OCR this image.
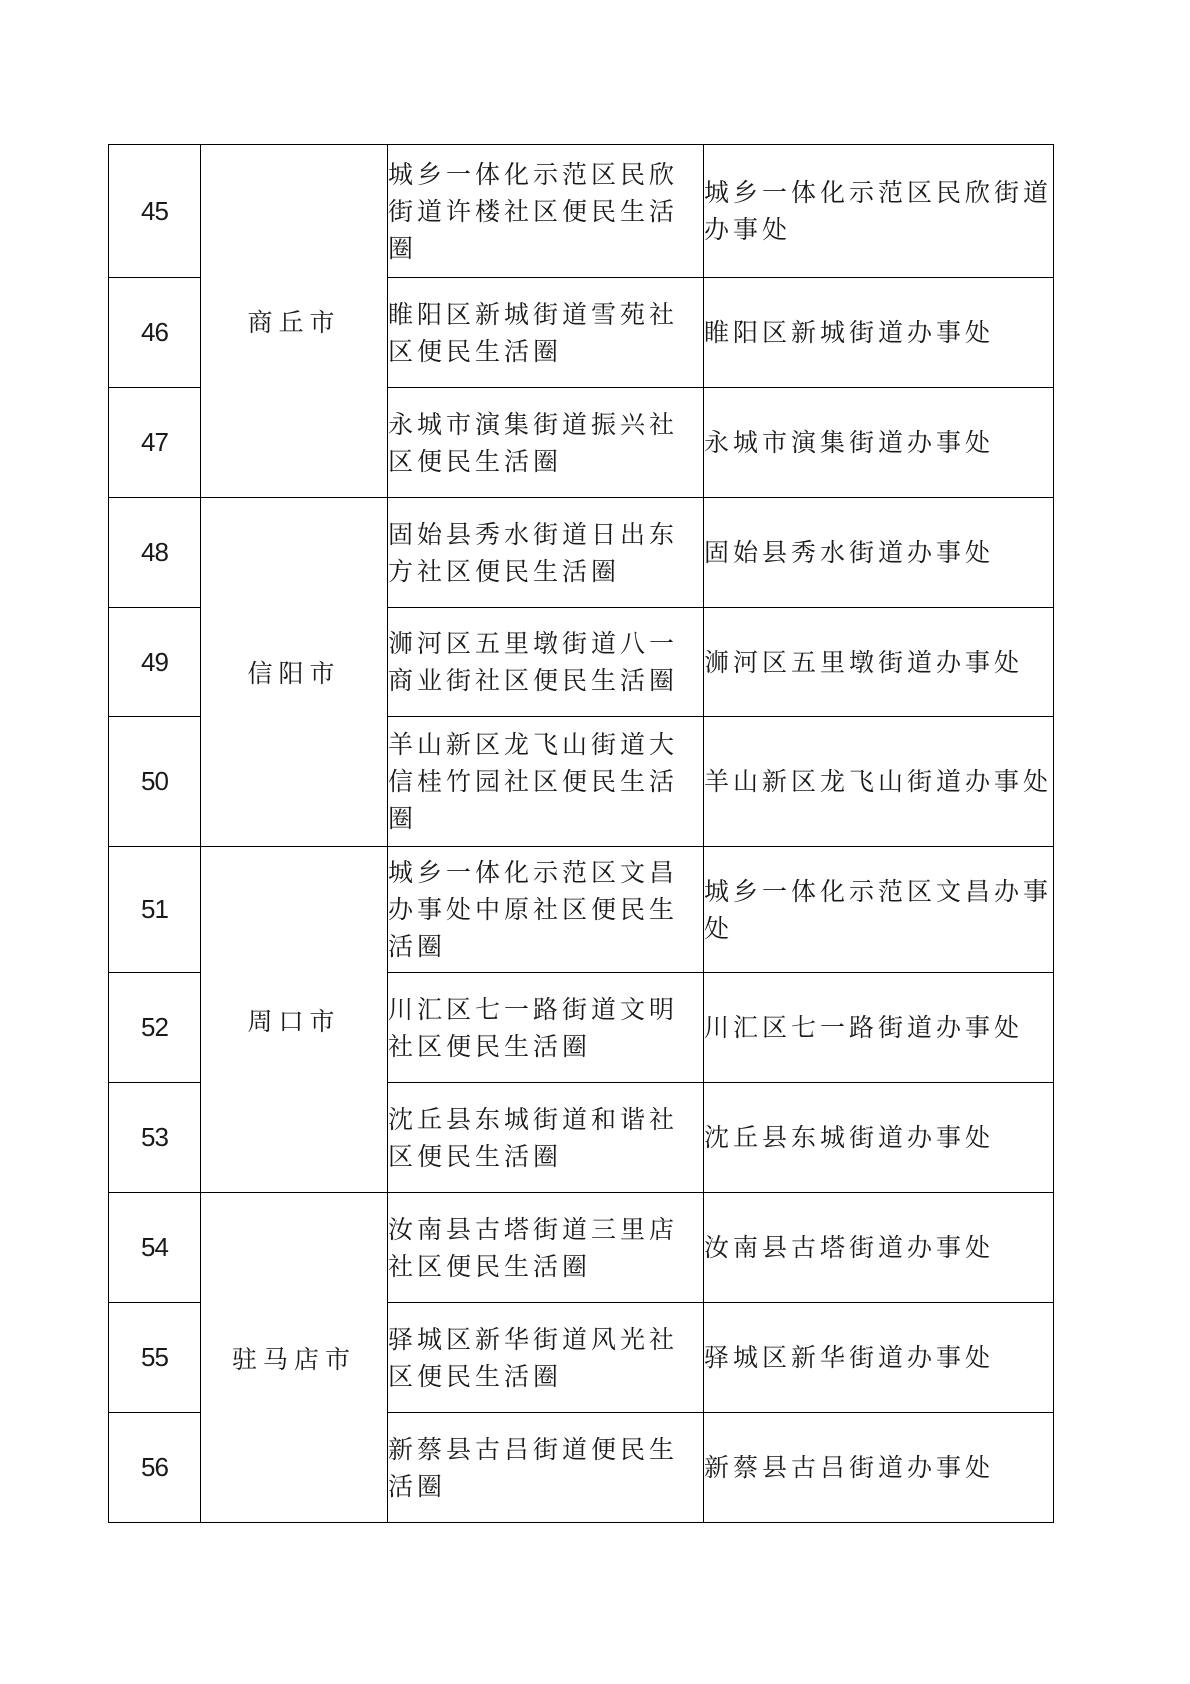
45	商丘市	城乡一体化示范区民欣街道许楼社区便民生活圈	城乡一体化示范区民欣街道办事处
46		睢阳区新城街道雪苑社区便民生活圈	睢阳区新城街道办事处
47		永城市演集街道振兴社区便民生活圈	永城市演集街道办事处
48	信阳市	固始县秀水街道日出东方社区便民生活圈	固始县秀水街道办事处
49		浉河区五里墩街道八一商业街社区便民生活圈	浉河区五里墩街道办事处
50		羊山新区龙飞山街道大信桂竹园社区便民生活圈	羊山新区龙飞山街道办事处
51	周口市	城乡一体化示范区文昌办事处中原社区便民生活圈	城乡一体化示范区文昌办事处
52		川汇区七一路街道文明社区便民生活圈	川汇区七一路街道办事处
53		沈丘县东城街道和谐社区便民生活圈	沈丘县东城街道办事处
54	驻马店市	汝南县古塔街道三里店社区便民生活圈	汝南县古塔街道办事处
55		驿城区新华街道风光社区便民生活圈	驿城区新华街道办事处
56		新蔡县古吕街道便民生活圈	新蔡县古吕街道办事处
